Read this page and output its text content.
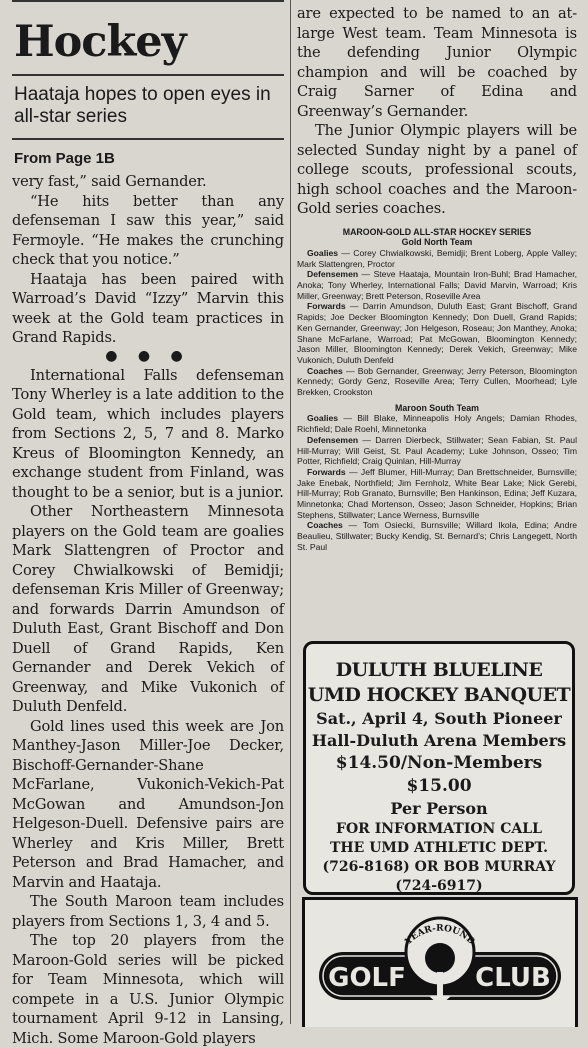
Hockey
Haataja hopes to open eyes in all-star series
From Page 1B

very fast,” said Gernander.

“He hits better than any defenseman I saw this year,” said Fermoyle. “He makes the crunching check that you notice.”

Haataja has been paired with Warroad’s David “Izzy” Marvin this week at the Gold team practices in Grand Rapids.

● ● ●

International Falls defenseman Tony Wherley is a late addition to the Gold team, which includes players from Sections 2, 5, 7 and 8. Marko Kreus of Bloomington Kennedy, an exchange student from Finland, was thought to be a senior, but is a junior.

Other Northeastern Minnesota players on the Gold team are goalies Mark Slattengren of Proctor and Corey Chwialkowski of Bemidji; defenseman Kris Miller of Greenway; and forwards Darrin Amundson of Duluth East, Grant Bischoff and Don Duell of Grand Rapids, Ken Gernander and Derek Vekich of Greenway, and Mike Vukonich of Duluth Denfeld.

Gold lines used this week are Jon Manthey-Jason Miller-Joe Decker, Bischoff-Gernander-Shane McFarlane, Vukonich-Vekich-Pat McGowan and Amundson-Jon Helgeson-Duell. Defensive pairs are Wherley and Kris Miller, Brett Peterson and Brad Hamacher, and Marvin and Haataja.

The South Maroon team includes players from Sections 1, 3, 4 and 5.

The top 20 players from the Maroon-Gold series will be picked for Team Minnesota, which will compete in a U.S. Junior Olympic tournament April 9-12 in Lansing, Mich. Some Maroon-Gold players

are expected to be named to an at-large West team. Team Minnesota is the defending Junior Olympic champion and will be coached by Craig Sarner of Edina and Greenway’s Gernander.

The Junior Olympic players will be selected Sunday night by a panel of college scouts, professional scouts, high school coaches and the Maroon-Gold series coaches.

MAROON-GOLD ALL-STAR HOCKEY SERIES
Gold North Team
Goalies — Corey Chwialkowski, Bemidji; Brent Loberg, Apple Valley; Mark Slattengren, Proctor
Defensemen — Steve Haataja, Mountain Iron-Buhl; Brad Hamacher, Anoka; Tony Wherley, International Falls; David Marvin, Warroad; Kris Miller, Greenway; Brett Peterson, Roseville Area
Forwards — Darrin Amundson, Duluth East; Grant Bischoff, Grand Rapids; Joe Decker Bloomington Kennedy; Don Duell, Grand Rapids; Ken Gernander, Greenway; Jon Helgeson, Roseau; Jon Manthey, Anoka; Shane McFarlane, Warroad; Pat McGowan, Bloomington Kennedy; Jason Miller, Bloomington Kennedy; Derek Vekich, Greenway; Mike Vukonich, Duluth Denfeld
Coaches — Bob Gernander, Greenway; Jerry Peterson, Bloomington Kennedy; Gordy Genz, Roseville Area; Terry Cullen, Moorhead; Lyle Brekken, Crookston
Maroon South Team
Goalies — Bill Blake, Minneapolis Holy Angels; Damian Rhodes, Richfield; Dale Roehl, Minnetonka
Defensemen — Darren Dierbeck, Stillwater; Sean Fabian, St. Paul Hill-Murray; Will Geist, St. Paul Academy; Luke Johnson, Osseo; Tim Potter, Richfield; Craig Quinlan, Hill-Murray
Forwards — Jeff Blumer, Hill-Murray; Dan Brettschneider, Burnsville; Jake Enebak, Northfield; Jim Fernholz, White Bear Lake; Nick Gerebi, Hill-Murray; Rob Granato, Burnsville; Ben Hankinson, Edina; Jeff Kuzara, Minnetonka; Chad Mortenson, Osseo; Jason Schneider, Hopkins; Brian Stephens, Stillwater; Lance Werness, Burnsville
Coaches — Tom Osiecki, Burnsville; Willard Ikola, Edina; Andre Beaulieu, Stillwater; Bucky Kendig, St. Bernard’s; Chris Langegett, North St. Paul
DULUTH BLUELINE
UMD HOCKEY BANQUET
Sat., April 4, South Pioneer
Hall-Duluth Arena Members
$14.50/Non-Members $15.00
Per Person
FOR INFORMATION CALL
THE UMD ATHLETIC DEPT.
(726-8168) OR BOB MURRAY
(724-6917)
YEAR-ROUND
GOLF	CLUB
